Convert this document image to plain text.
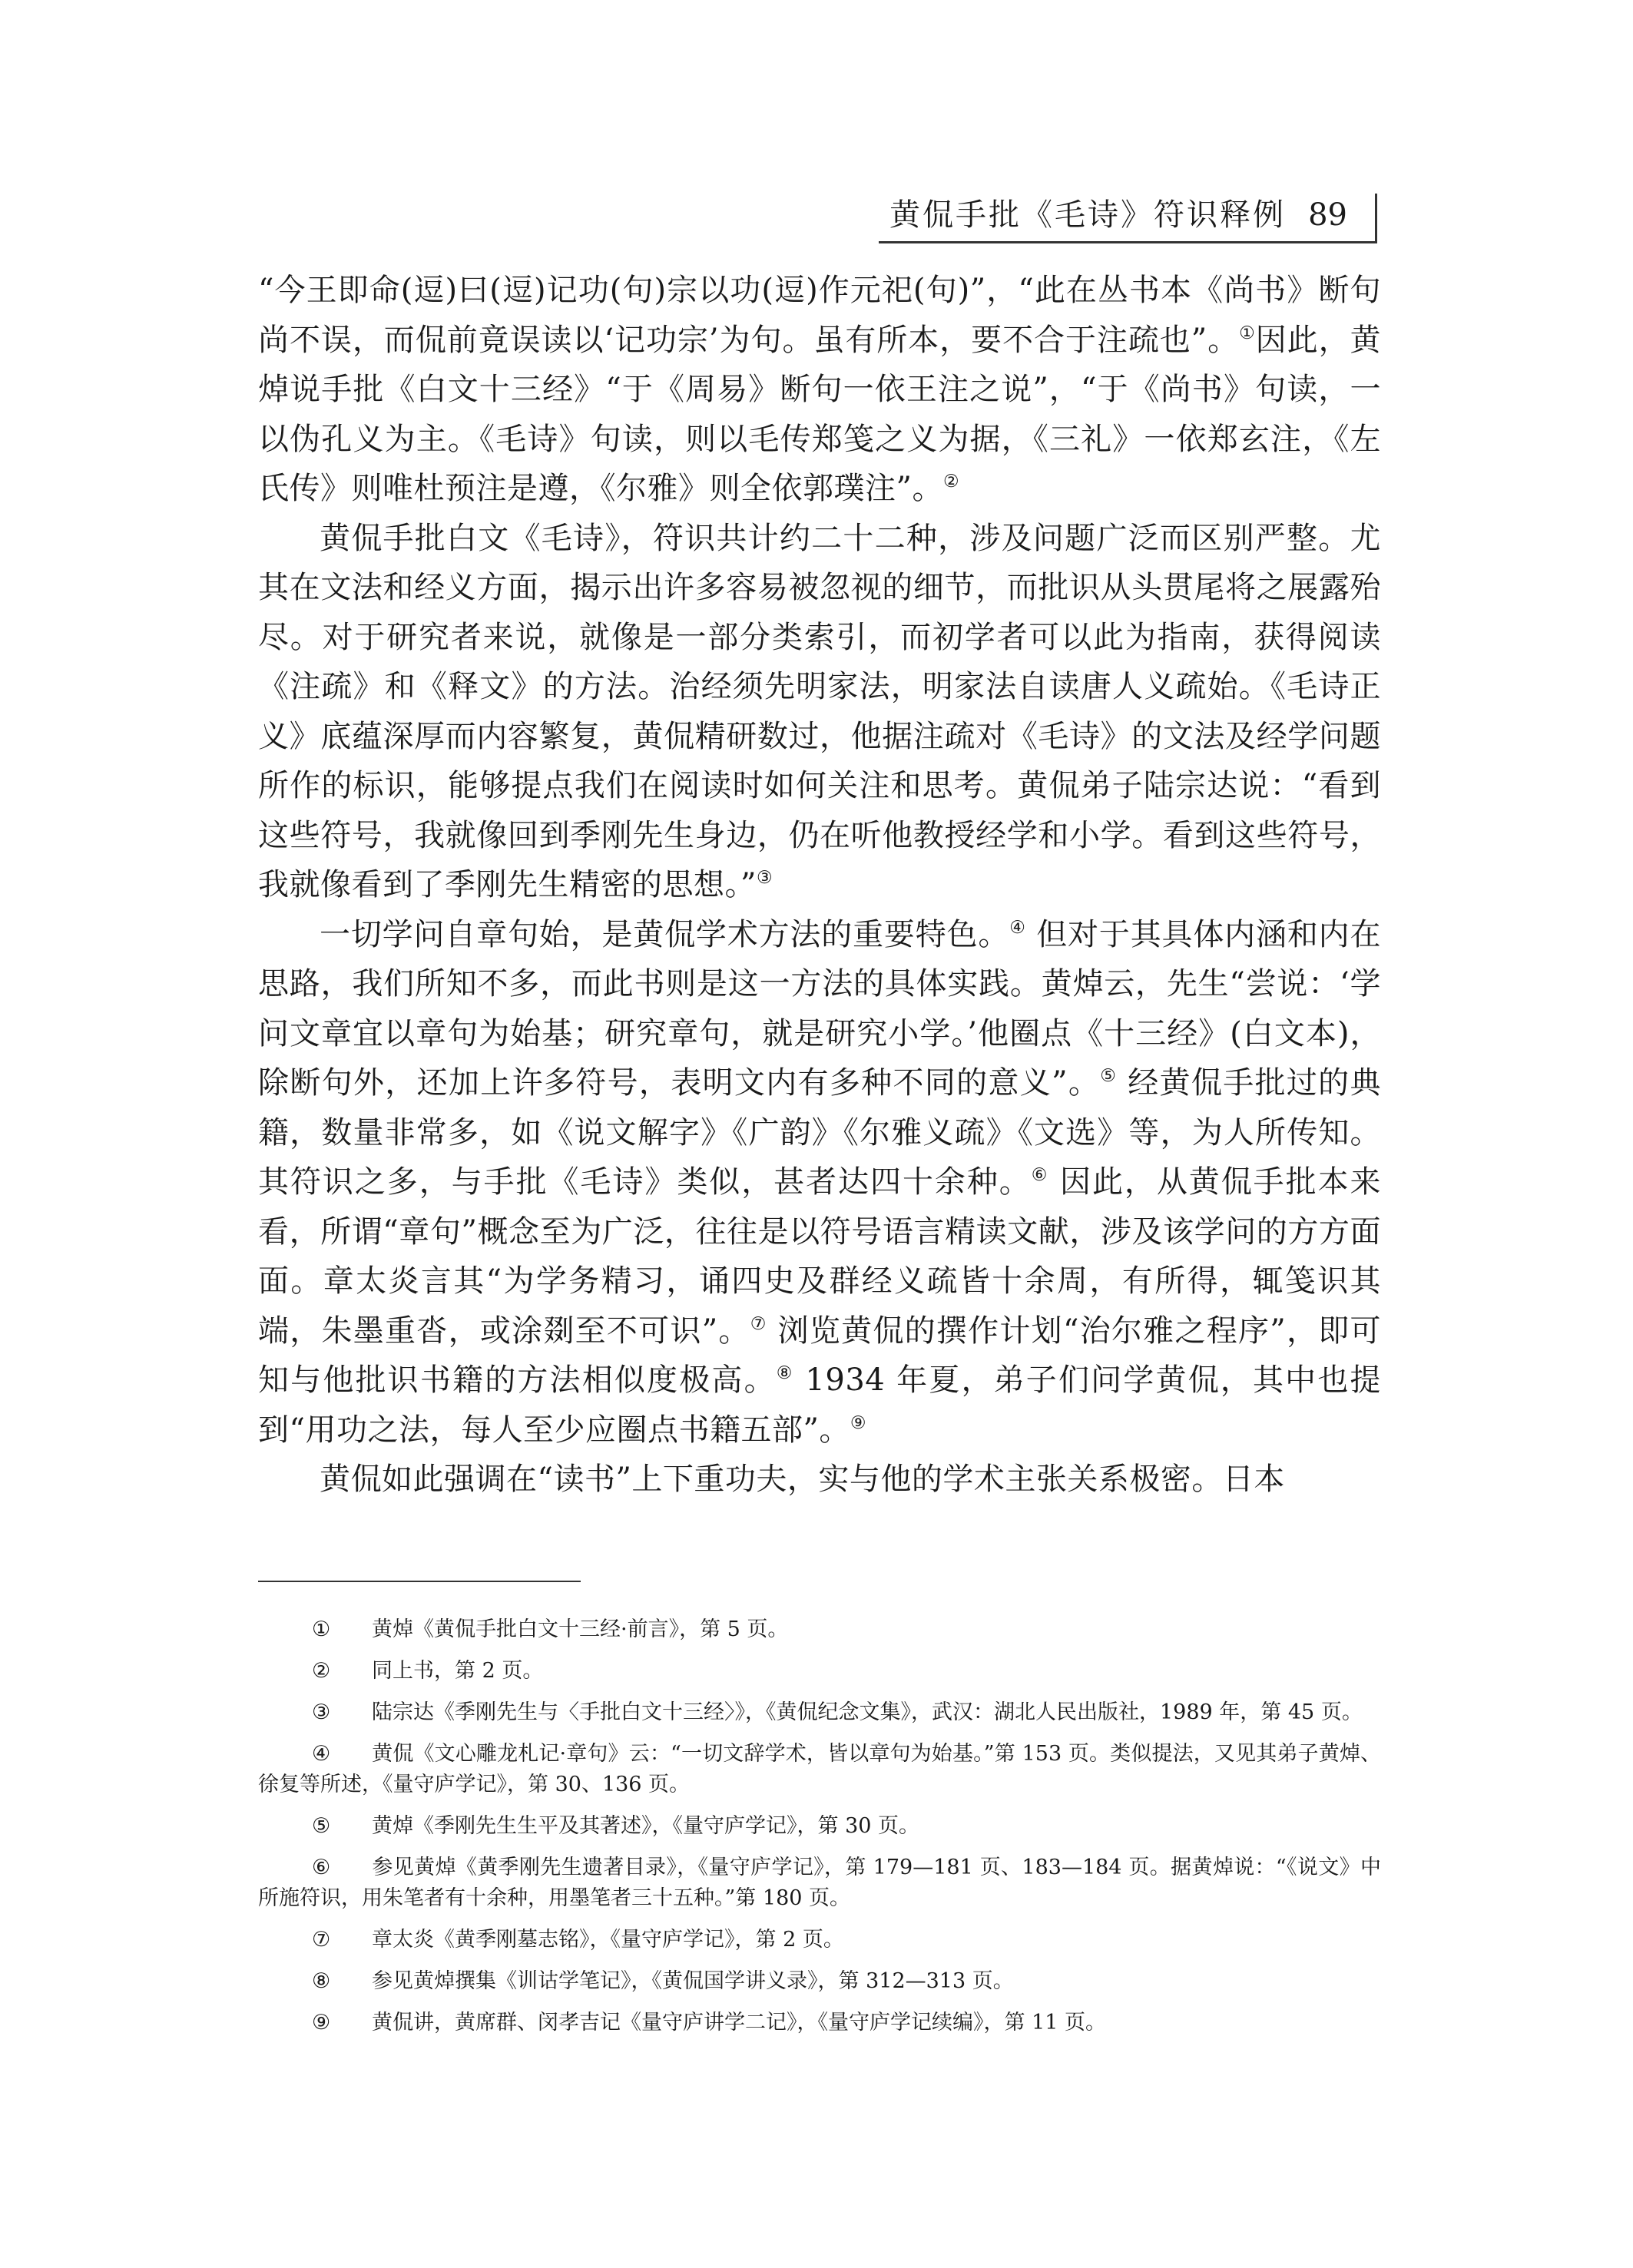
黄侃手批《毛诗》符识释例 89

“今王即命(逗)曰(逗)记功(句)宗以功(逗)作元祀(句)”，“此在丛书本《尚书》断句尚不误，而侃前竟误读以‘记功宗’为句。虽有所本，要不合于注疏也”。①因此，黄焯说手批《白文十三经》“于《周易》断句一依王注之说”，“于《尚书》句读，一以伪孔义为主。《毛诗》句读，则以毛传郑笺之义为据，《三礼》一依郑玄注，《左氏传》则唯杜预注是遵，《尔雅》则全依郭璞注”。②

黄侃手批白文《毛诗》，符识共计约二十二种，涉及问题广泛而区别严整。尤其在文法和经义方面，揭示出许多容易被忽视的细节，而批识从头贯尾将之展露殆尽。对于研究者来说，就像是一部分类索引，而初学者可以此为指南，获得阅读《注疏》和《释文》的方法。治经须先明家法，明家法自读唐人义疏始。《毛诗正义》底蕴深厚而内容繁复，黄侃精研数过，他据注疏对《毛诗》的文法及经学问题所作的标识，能够提点我们在阅读时如何关注和思考。黄侃弟子陆宗达说：“看到这些符号，我就像回到季刚先生身边，仍在听他教授经学和小学。看到这些符号，我就像看到了季刚先生精密的思想。”③

一切学问自章句始，是黄侃学术方法的重要特色。④ 但对于其具体内涵和内在思路，我们所知不多，而此书则是这一方法的具体实践。黄焯云，先生“尝说：‘学问文章宜以章句为始基；研究章句，就是研究小学。’他圈点《十三经》(白文本)，除断句外，还加上许多符号，表明文内有多种不同的意义”。⑤ 经黄侃手批过的典籍，数量非常多，如《说文解字》《广韵》《尔雅义疏》《文选》等，为人所传知。其符识之多，与手批《毛诗》类似，甚者达四十余种。⑥ 因此，从黄侃手批本来看，所谓“章句”概念至为广泛，往往是以符号语言精读文献，涉及该学问的方方面面。章太炎言其“为学务精习，诵四史及群经义疏皆十余周，有所得，辄笺识其端，朱墨重沓，或涂剟至不可识”。⑦ 浏览黄侃的撰作计划“治尔雅之程序”，即可知与他批识书籍的方法相似度极高。⑧ 1934 年夏，弟子们问学黄侃，其中也提到“用功之法，每人至少应圈点书籍五部”。⑨

黄侃如此强调在“读书”上下重功夫，实与他的学术主张关系极密。日本

① 黄焯《黄侃手批白文十三经·前言》，第 5 页。

② 同上书，第 2 页。

③ 陆宗达《季刚先生与〈手批白文十三经〉》，《黄侃纪念文集》，武汉：湖北人民出版社，1989 年，第 45 页。

④ 黄侃《文心雕龙札记·章句》云：“一切文辞学术，皆以章句为始基。”第 153 页。类似提法，又见其弟子黄焯、徐复等所述，《量守庐学记》，第 30、136 页。

⑤ 黄焯《季刚先生生平及其著述》，《量守庐学记》，第 30 页。

⑥ 参见黄焯《黄季刚先生遗著目录》，《量守庐学记》，第 179—181 页、183—184 页。据黄焯说：“《说文》中所施符识，用朱笔者有十余种，用墨笔者三十五种。”第 180 页。

⑦ 章太炎《黄季刚墓志铭》，《量守庐学记》，第 2 页。

⑧ 参见黄焯撰集《训诂学笔记》，《黄侃国学讲义录》，第 312—313 页。

⑨ 黄侃讲，黄席群、闵孝吉记《量守庐讲学二记》，《量守庐学记续编》，第 11 页。
